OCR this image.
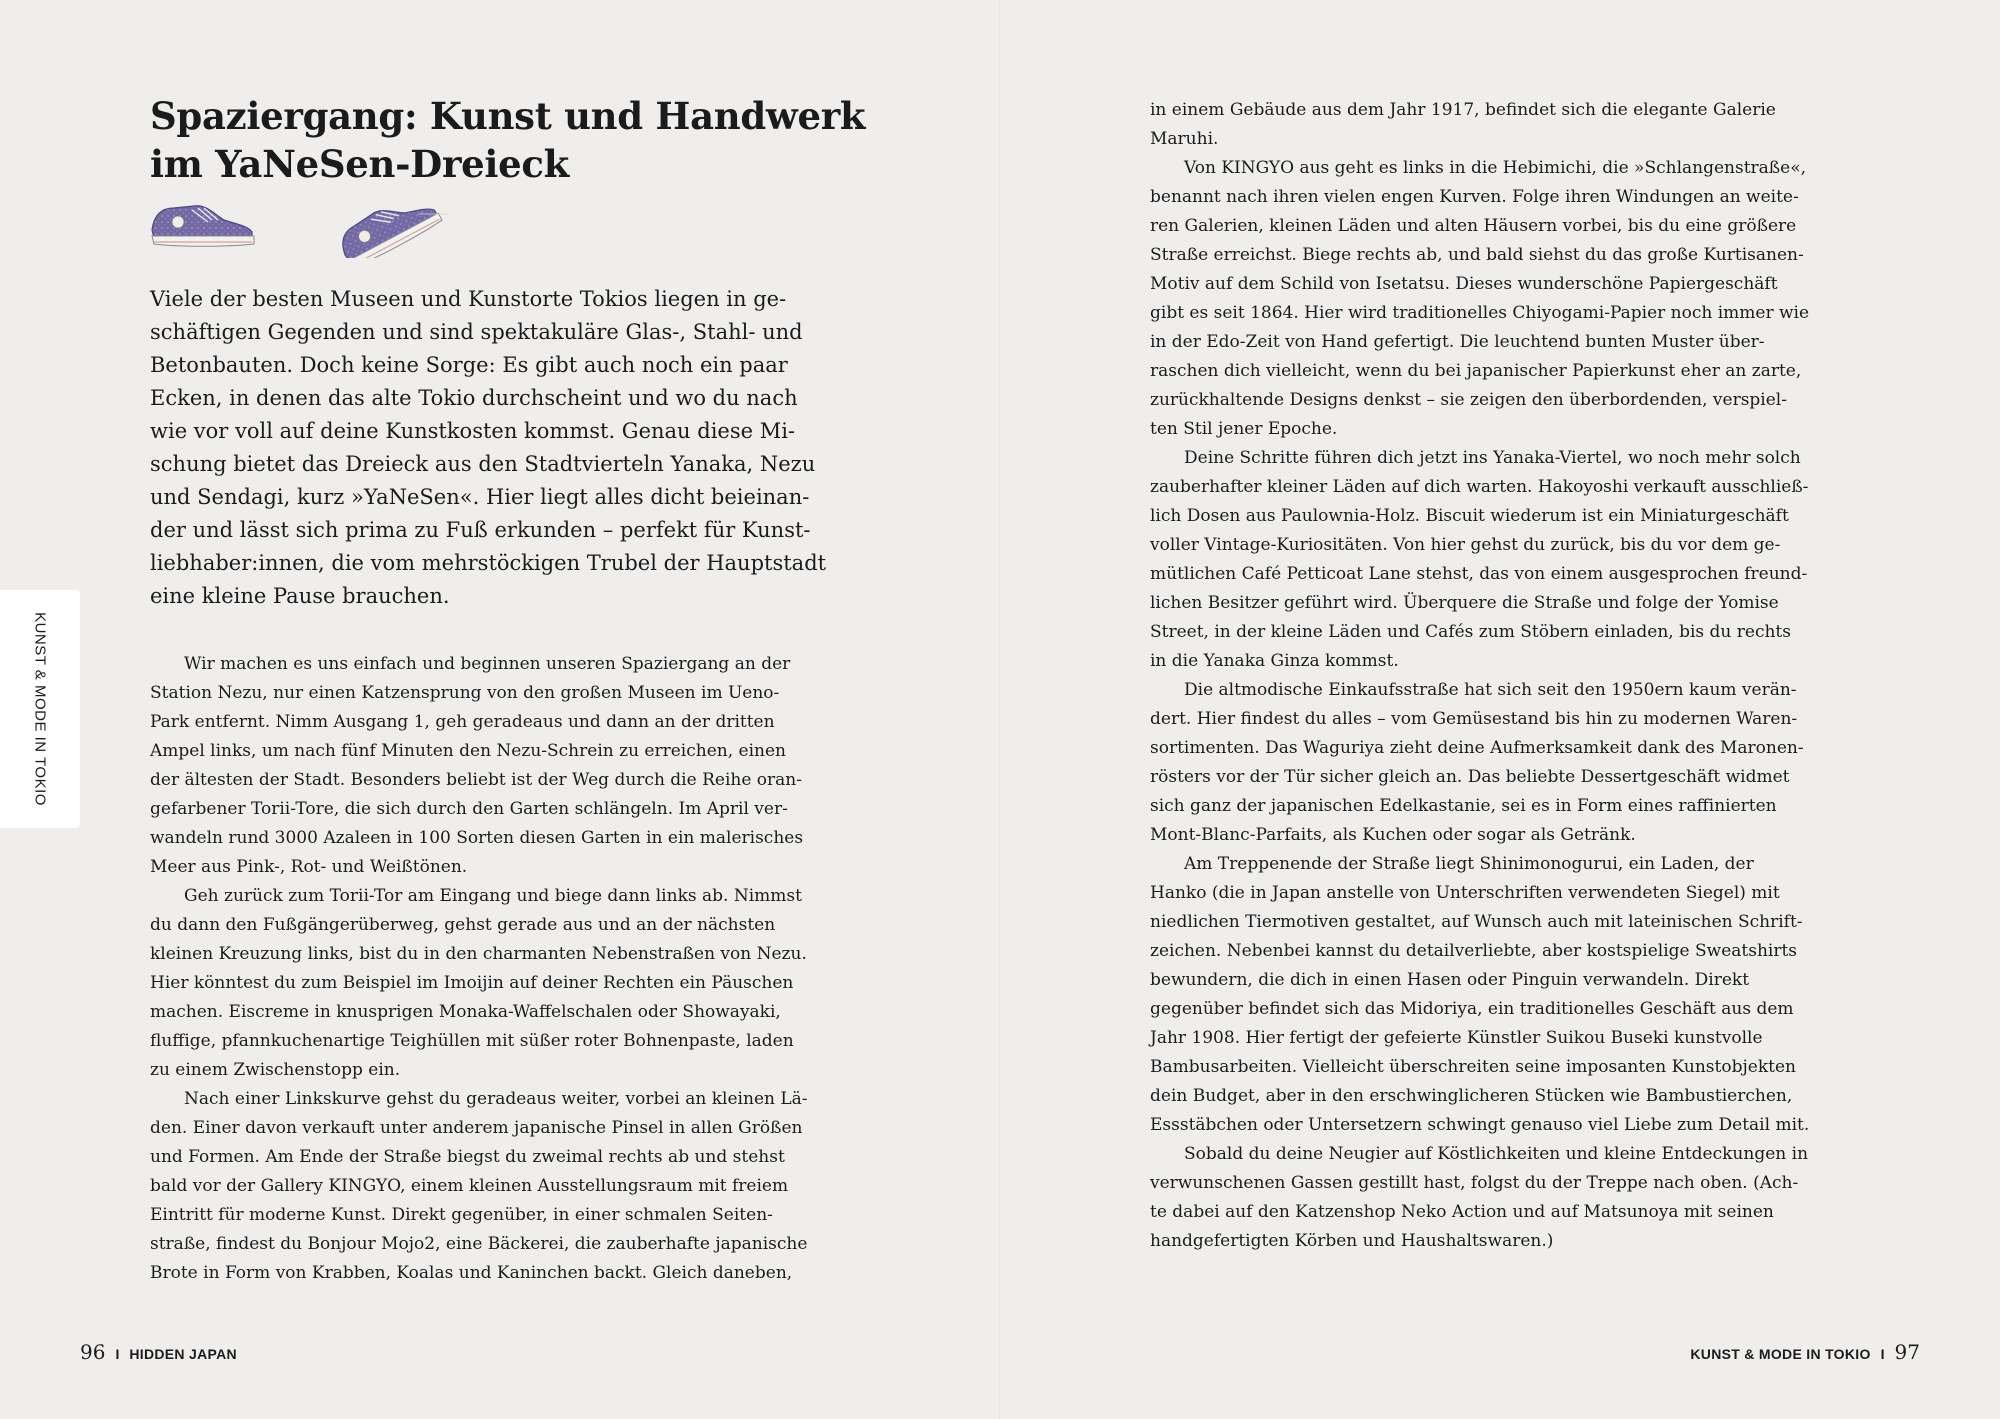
Spaziergang: Kunst und Handwerk
im YaNeSen-Dreieck

Viele der besten Museen und Kunstorte Tokios liegen in ge-
schäftigen Gegenden und sind spektakuläre Glas-, Stahl- und
Betonbauten. Doch keine Sorge: Es gibt auch noch ein paar
Ecken, in denen das alte Tokio durchscheint und wo du nach
wie vor voll auf deine Kunstkosten kommst. Genau diese Mi-
schung bietet das Dreieck aus den Stadtvierteln Yanaka, Nezu
und Sendagi, kurz »YaNeSen«. Hier liegt alles dicht beieinan-
der und lässt sich prima zu Fuß erkunden – perfekt für Kunst-
liebhaber:innen, die vom mehrstöckigen Trubel der Hauptstadt
eine kleine Pause brauchen.

Wir machen es uns einfach und beginnen unseren Spaziergang an der
Station Nezu, nur einen Katzensprung von den großen Museen im Ueno-
Park entfernt. Nimm Ausgang 1, geh geradeaus und dann an der dritten
Ampel links, um nach fünf Minuten den Nezu-Schrein zu erreichen, einen
der ältesten der Stadt. Besonders beliebt ist der Weg durch die Reihe oran-
gefarbener Torii-Tore, die sich durch den Garten schlängeln. Im April ver-
wandeln rund 3000 Azaleen in 100 Sorten diesen Garten in ein malerisches
Meer aus Pink-, Rot- und Weißtönen.
Geh zurück zum Torii-Tor am Eingang und biege dann links ab. Nimmst
du dann den Fußgängerüberweg, gehst gerade aus und an der nächsten
kleinen Kreuzung links, bist du in den charmanten Nebenstraßen von Nezu.
Hier könntest du zum Beispiel im Imoijin auf deiner Rechten ein Päuschen
machen. Eiscreme in knusprigen Monaka-Waffelschalen oder Showayaki,
fluffige, pfannkuchenartige Teighüllen mit süßer roter Bohnenpaste, laden
zu einem Zwischenstopp ein.
Nach einer Linkskurve gehst du geradeaus weiter, vorbei an kleinen Lä-
den. Einer davon verkauft unter anderem japanische Pinsel in allen Größen
und Formen. Am Ende der Straße biegst du zweimal rechts ab und stehst
bald vor der Gallery KINGYO, einem kleinen Ausstellungsraum mit freiem
Eintritt für moderne Kunst. Direkt gegenüber, in einer schmalen Seiten-
straße, findest du Bonjour Mojo2, eine Bäckerei, die zauberhafte japanische
Brote in Form von Krabben, Koalas und Kaninchen backt. Gleich daneben,

KUNST & MODE IN TOKIO
96 I HIDDEN JAPAN

in einem Gebäude aus dem Jahr 1917, befindet sich die elegante Galerie
Maruhi.
Von KINGYO aus geht es links in die Hebimichi, die »Schlangenstraße«,
benannt nach ihren vielen engen Kurven. Folge ihren Windungen an weite-
ren Galerien, kleinen Läden und alten Häusern vorbei, bis du eine größere
Straße erreichst. Biege rechts ab, und bald siehst du das große Kurtisanen-
Motiv auf dem Schild von Isetatsu. Dieses wunderschöne Papiergeschäft
gibt es seit 1864. Hier wird traditionelles Chiyogami-Papier noch immer wie
in der Edo-Zeit von Hand gefertigt. Die leuchtend bunten Muster über-
raschen dich vielleicht, wenn du bei japanischer Papierkunst eher an zarte,
zurückhaltende Designs denkst – sie zeigen den überbordenden, verspiel-
ten Stil jener Epoche.
Deine Schritte führen dich jetzt ins Yanaka-Viertel, wo noch mehr solch
zauberhafter kleiner Läden auf dich warten. Hakoyoshi verkauft ausschließ-
lich Dosen aus Paulownia-Holz. Biscuit wiederum ist ein Miniaturgeschäft
voller Vintage-Kuriositäten. Von hier gehst du zurück, bis du vor dem ge-
mütlichen Café Petticoat Lane stehst, das von einem ausgesprochen freund-
lichen Besitzer geführt wird. Überquere die Straße und folge der Yomise
Street, in der kleine Läden und Cafés zum Stöbern einladen, bis du rechts
in die Yanaka Ginza kommst.
Die altmodische Einkaufsstraße hat sich seit den 1950ern kaum verän-
dert. Hier findest du alles – vom Gemüsestand bis hin zu modernen Waren-
sortimenten. Das Waguriya zieht deine Aufmerksamkeit dank des Maronen-
rösters vor der Tür sicher gleich an. Das beliebte Dessertgeschäft widmet
sich ganz der japanischen Edelkastanie, sei es in Form eines raffinierten
Mont-Blanc-Parfaits, als Kuchen oder sogar als Getränk.
Am Treppenende der Straße liegt Shinimonogurui, ein Laden, der
Hanko (die in Japan anstelle von Unterschriften verwendeten Siegel) mit
niedlichen Tiermotiven gestaltet, auf Wunsch auch mit lateinischen Schrift-
zeichen. Nebenbei kannst du detailverliebte, aber kostspielige Sweatshirts
bewundern, die dich in einen Hasen oder Pinguin verwandeln. Direkt
gegenüber befindet sich das Midoriya, ein traditionelles Geschäft aus dem
Jahr 1908. Hier fertigt der gefeierte Künstler Suikou Buseki kunstvolle
Bambusarbeiten. Vielleicht überschreiten seine imposanten Kunstobjekten
dein Budget, aber in den erschwinglicheren Stücken wie Bambustierchen,
Essstäbchen oder Untersetzern schwingt genauso viel Liebe zum Detail mit.
Sobald du deine Neugier auf Köstlichkeiten und kleine Entdeckungen in
verwunschenen Gassen gestillt hast, folgst du der Treppe nach oben. (Ach-
te dabei auf den Katzenshop Neko Action und auf Matsunoya mit seinen
handgefertigten Körben und Haushaltswaren.)

KUNST & MODE IN TOKIO I 97
